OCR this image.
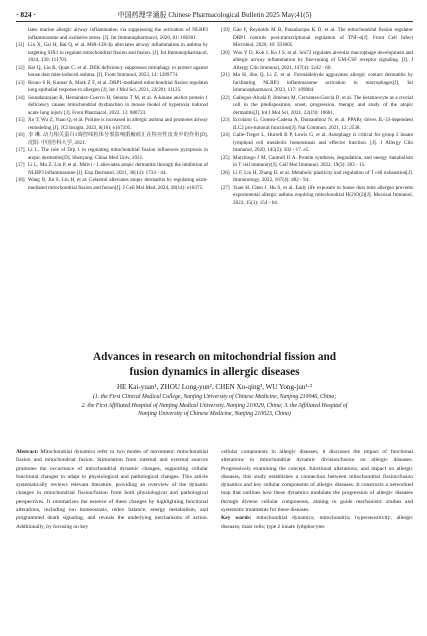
· 824 ·	中国药理学通报 Chinese Pharmacological Bulletin 2025 May;41(5)

lates murine allergic airway inflammation via suppressing the activation of NLRP3 inflammasome and oxidative stress. [J]. Int Immunopharmacol, 2020, 81: 106301.

[11] Liu X, Gai H, Bai Q, et al. MiR-128-3p alleviates airway inflammation in asthma by targeting SIX1 to regulate mitochondrial fission and fusion. [J]. Int Immunopharmacol, 2024, 130: 111703.

[12] Bai Q, Liu B, Quan C, et al. DEK deficiency suppresses mitophagy to protect against house dust mite-induced asthma. [J]. Front Immunol, 2023, 14: 1289774.

[13] Bruno S R, Kumar A, Mark Z F, et al. DRP1-mediated mitochondrial fission regulates lung epithelial response to allergen [J]. Int J Mol Sci, 2021, 22(20): 11125.

[14] Soundararajan R, Hernández-Cuervo H, Stearns T M, et al. A-kinase anchor protein 1 deficiency causes mitochondrial dysfunction in mouse model of hyperoxia induced acute lung injury [J]. Front Pharmacol, 2022, 13: 980723.

[15] Xu T, Wu Z, Yuan Q, et al. Proline is increased in allergic asthma and promotes airway remodeling [J]. JCI Insight, 2023, 8(16): e167395.

[16] 李 琳. 动力相关蛋白1调控线粒体分裂影响肌瘢痕汇在特应性皮炎中的作用[D]. 沈阳: 中国医科大学, 2021.

[17] Li L. The role of Drp 1 in regulating mitochondrial fission influences pyroptosis in atopic dermatitis[D]. Shenyang: China Med Univ, 2021.

[17] Li L, Mu Z, Liu P, et al. Mdivi - 1 alleviates atopic dermatitis through the inhibition of NLRP3 inflammasome [J]. Exp Dermatol, 2021, 30(12): 1734 - 44.

[18] Wang D, Jin S, Liu H, et al. Celastrol alleviates atopic dermatitis by regulating ezrin-mediated mitochondrial fission and fusion[J]. J Cell Mol Med, 2024, 28(14): e18375.

[19] Gao F, Reynolds M B, Passalacqua K D, et al. The mitochondrial fission regulator DRP1 controls post-transcriptional regulation of TNF-α[J]. Front Cell Infect Microbiol, 2020, 10: 593805.

[20] Woo Y D, Koh J, Ko J S, et al. Sm72 regulates alveolar macrophage development and allergic airway inflammation by fine-tuning of GM-CSF receptor signaling. [J]. J Allergy Clin Immunol, 2021, 147(4): 1242 - 60.

[21] Ma H, Shu Q, Li Z, et al. Formaldehyde aggravates allergic contact dermatitis by facilitating NLRP3 inflammasome activation in macrophages[J]. Int Immunopharmacol, 2023, 117: 109904.

[22] Gallegos-Alcalá P, Jiménez M, Cervantes-García D, et al. The keratinocyte as a crucial cell in the predisposition, onset, progression, therapy and study of the atopic dermatitis[J]. Int J Mol Sci, 2021, 22(19): 10661.

[23] Ercolano G, Gomez-Cadena A, Dumauthioz N, et al. PPARγ drives IL-33-dependent ILC2 pro-tumoral functions[J]. Nat Commun, 2021, 12: 2538.

[24] Galle-Treger L, Hurrell B P, Lewis G, et al. Autophagy is critical for group 2 innate lymphoid cell metabolic homeostasis and effector function. [J]. J Allergy Clin Immunol, 2020, 145(2): 502 - 17. e5.

[25] Marchingo J M, Cantrell D A. Protein synthesis, degradation, and energy metabolism in T cell immunity[J]. Cell Mol Immunol, 2022, 19(3): 303 - 15.

[26] Li F, Liu H, Zhang D, et al. Metabolic plasticity and regulation of T cell exhaustion[J]. Immunology, 2022, 167(4): 482 - 94.

[27] Yuan H, Chen J, Hu S, et al. Early life exposure to house dust mite allergen prevents experimental allergic asthma requiring mitochondrial H(2)O(2)[J]. Mucosal Immunol, 2022, 15(1): 154 - 64.

Advances in research on mitochondrial fission and
fusion dynamics in allergic diseases

HE Kai-yuan¹, ZHOU Long-yun², CHEN Xu-qing³, WU Yong-jun¹·³
(1. the First Clinical Medical College, Nanjing University of Chinese Medicine, Nanjing 210046, China;
2. the First Affiliated Hospital of Nanjing Medical University, Nanjing 210029, China; 3. the Affiliated Hospital of
Nanjing University of Chinese Medicine, Nanjing 210023, China)

Abstract: Mitochondrial dynamics refer to two modes of movement: mitochondrial fission and mitochondrial fusion. Stimulation from internal and external sources promotes the occurrence of mitochondrial dynamic changes, supporting cellular functional changes to adapt to physiological and pathological changes. This article systematically reviews relevant literature, providing an overview of the dynamic changes in mitochondrial fission/fusion from both physiological and pathological perspectives. It summarizes the essence of these changes by highlighting functional alterations, including ion homeostasis, redox balance, energy metabolism, and programmed death signaling, and reveals the underlying mechanisms of action. Additionally, by focusing on key

cellular components in allergic diseases, it discusses the impact of functional alterations in mitochondrial dynamic division/fusion on allergic diseases. Progressively examining the concept, functional alterations, and impact on allergic diseases, this study establishes a connection between mitochondrial fission/fusion dynamics and key cellular components of allergic diseases. It constructs a networked map that outlines how these dynamics modulate the progression of allergic diseases through diverse cellular components, aiming to guide mechanistic studies and systematic treatments for these diseases.

Key words: mitochondrial dynamics; mitochondria; hypersensitivity; allergic diseases; mast cells; type 2 innate lymphocytes
